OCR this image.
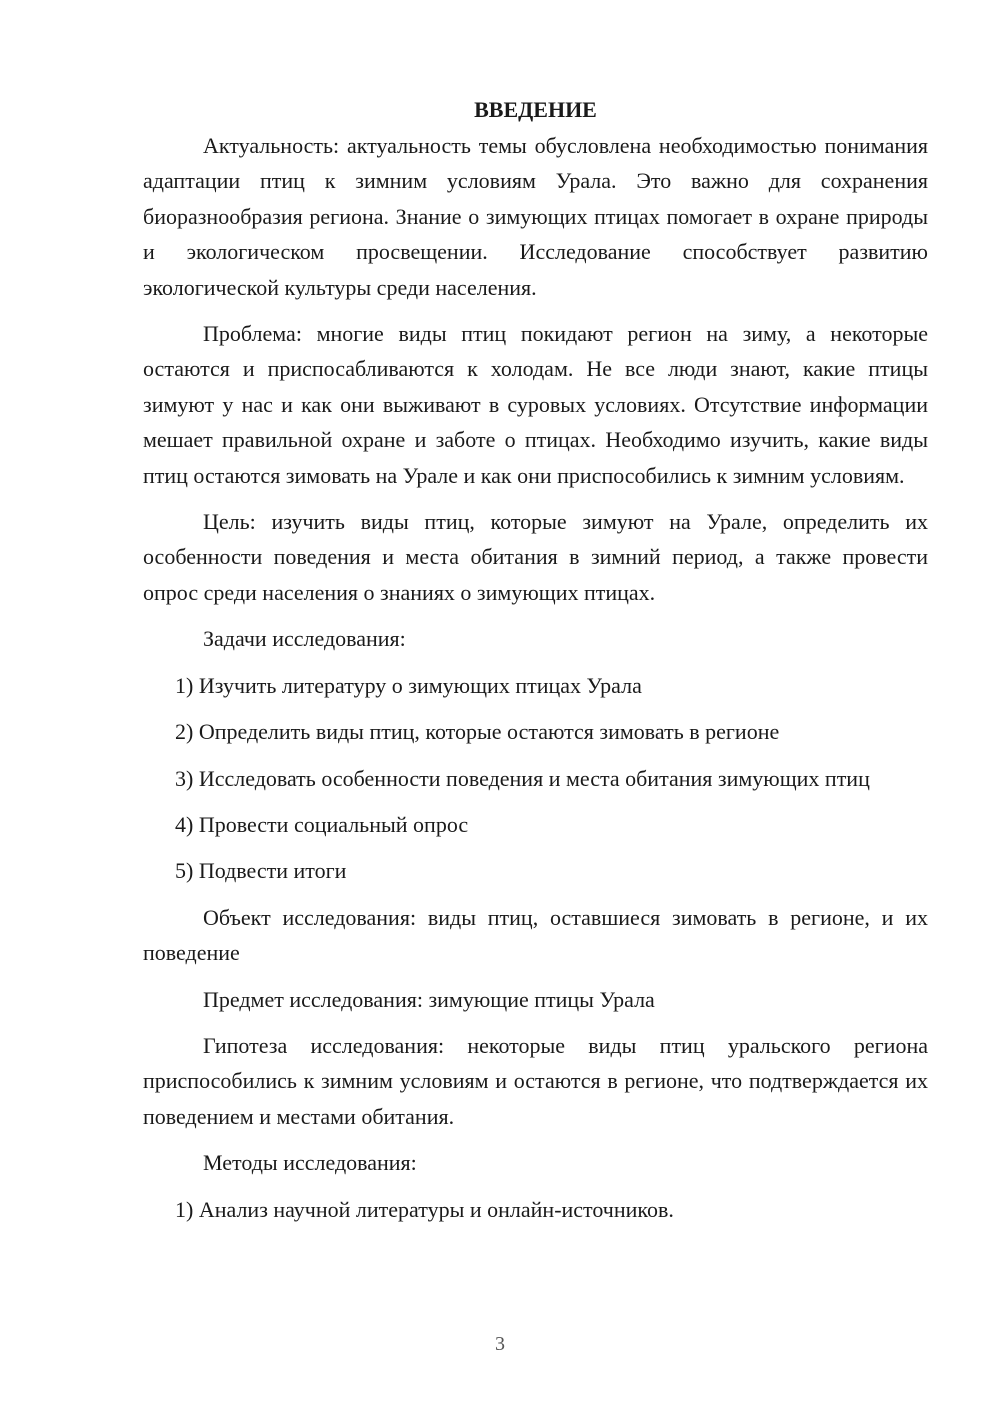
ВВЕДЕНИЕ

Актуальность: актуальность темы обусловлена необходимостью понимания адаптации птиц к зимним условиям Урала. Это важно для сохранения биоразнообразия региона. Знание о зимующих птицах помогает в охране природы и экологическом просвещении. Исследование способствует развитию экологической культуры среди населения.

Проблема: многие виды птиц покидают регион на зиму, а некоторые остаются и приспосабливаются к холодам. Не все люди знают, какие птицы зимуют у нас и как они выживают в суровых условиях. Отсутствие информации мешает правильной охране и заботе о птицах. Необходимо изучить, какие виды птиц остаются зимовать на Урале и как они приспособились к зимним условиям.

Цель: изучить виды птиц, которые зимуют на Урале, определить их особенности поведения и места обитания в зимний период, а также провести опрос среди населения о знаниях о зимующих птицах.

Задачи исследования:

1) Изучить литературу о зимующих птицах Урала

2) Определить виды птиц, которые остаются зимовать в регионе

3) Исследовать особенности поведения и места обитания зимующих птиц

4) Провести социальный опрос

5) Подвести итоги

Объект исследования: виды птиц, оставшиеся зимовать в регионе, и их поведение

Предмет исследования: зимующие птицы Урала

Гипотеза исследования: некоторые виды птиц уральского региона приспособились к зимним условиям и остаются в регионе, что подтверждается их поведением и местами обитания.

Методы исследования:

1) Анализ научной литературы и онлайн-источников.

3
